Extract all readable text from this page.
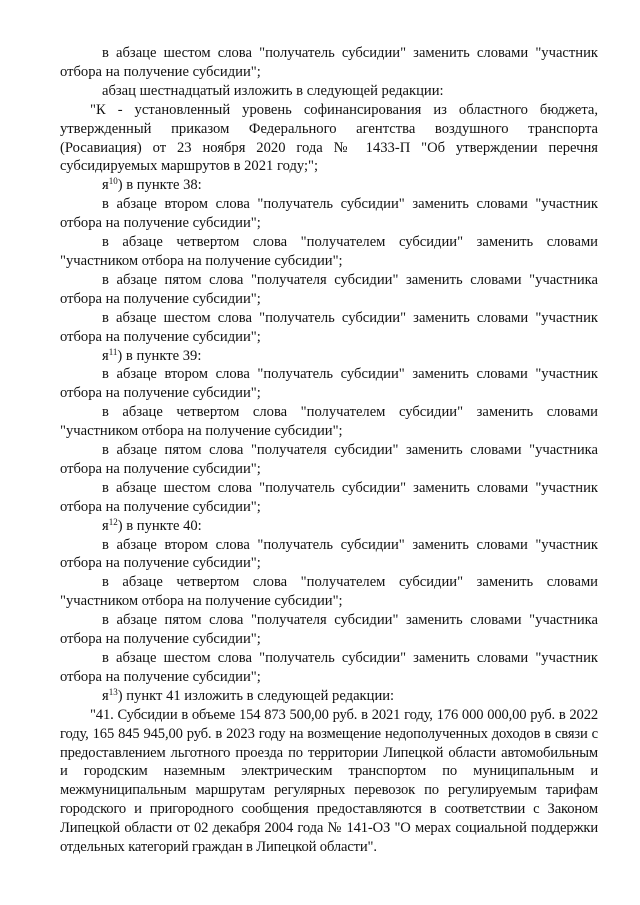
в абзаце шестом слова "получатель субсидии" заменить словами "участник отбора на получение субсидии";

абзац шестнадцатый изложить в следующей редакции:

"К - установленный уровень софинансирования из областного бюджета, утвержденный приказом Федерального агентства воздушного транспорта (Росавиация) от 23 ноября 2020 года № 1433-П "Об утверждении перечня субсидируемых маршрутов в 2021 году;";

$я^{10}$) в пункте 38:

в абзаце втором слова "получатель субсидии" заменить словами "участник отбора на получение субсидии";

в абзаце четвертом слова "получателем субсидии" заменить словами "участником отбора на получение субсидии";

в абзаце пятом слова "получателя субсидии" заменить словами "участника отбора на получение субсидии";

в абзаце шестом слова "получатель субсидии" заменить словами "участник отбора на получение субсидии";

$я^{11}$) в пункте 39:

в абзаце втором слова "получатель субсидии" заменить словами "участник отбора на получение субсидии";

в абзаце четвертом слова "получателем субсидии" заменить словами "участником отбора на получение субсидии";

в абзаце пятом слова "получателя субсидии" заменить словами "участника отбора на получение субсидии";

в абзаце шестом слова "получатель субсидии" заменить словами "участник отбора на получение субсидии";

$я^{12}$) в пункте 40:

в абзаце втором слова "получатель субсидии" заменить словами "участник отбора на получение субсидии";

в абзаце четвертом слова "получателем субсидии" заменить словами "участником отбора на получение субсидии";

в абзаце пятом слова "получателя субсидии" заменить словами "участника отбора на получение субсидии";

в абзаце шестом слова "получатель субсидии" заменить словами "участник отбора на получение субсидии";

$я^{13}$) пункт 41 изложить в следующей редакции:

"41. Субсидии в объеме 154 873 500,00 руб. в 2021 году, 176 000 000,00 руб. в 2022 году, 165 845 945,00 руб. в 2023 году на возмещение недополученных доходов в связи с предоставлением льготного проезда по территории Липецкой области автомобильным и городским наземным электрическим транспортом по муниципальным и межмуниципальным маршрутам регулярных перевозок по регулируемым тарифам городского и пригородного сообщения предоставляются в соответствии с Законом Липецкой области от 02 декабря 2004 года № 141-ОЗ "О мерах социальной поддержки отдельных категорий граждан в Липецкой области".
